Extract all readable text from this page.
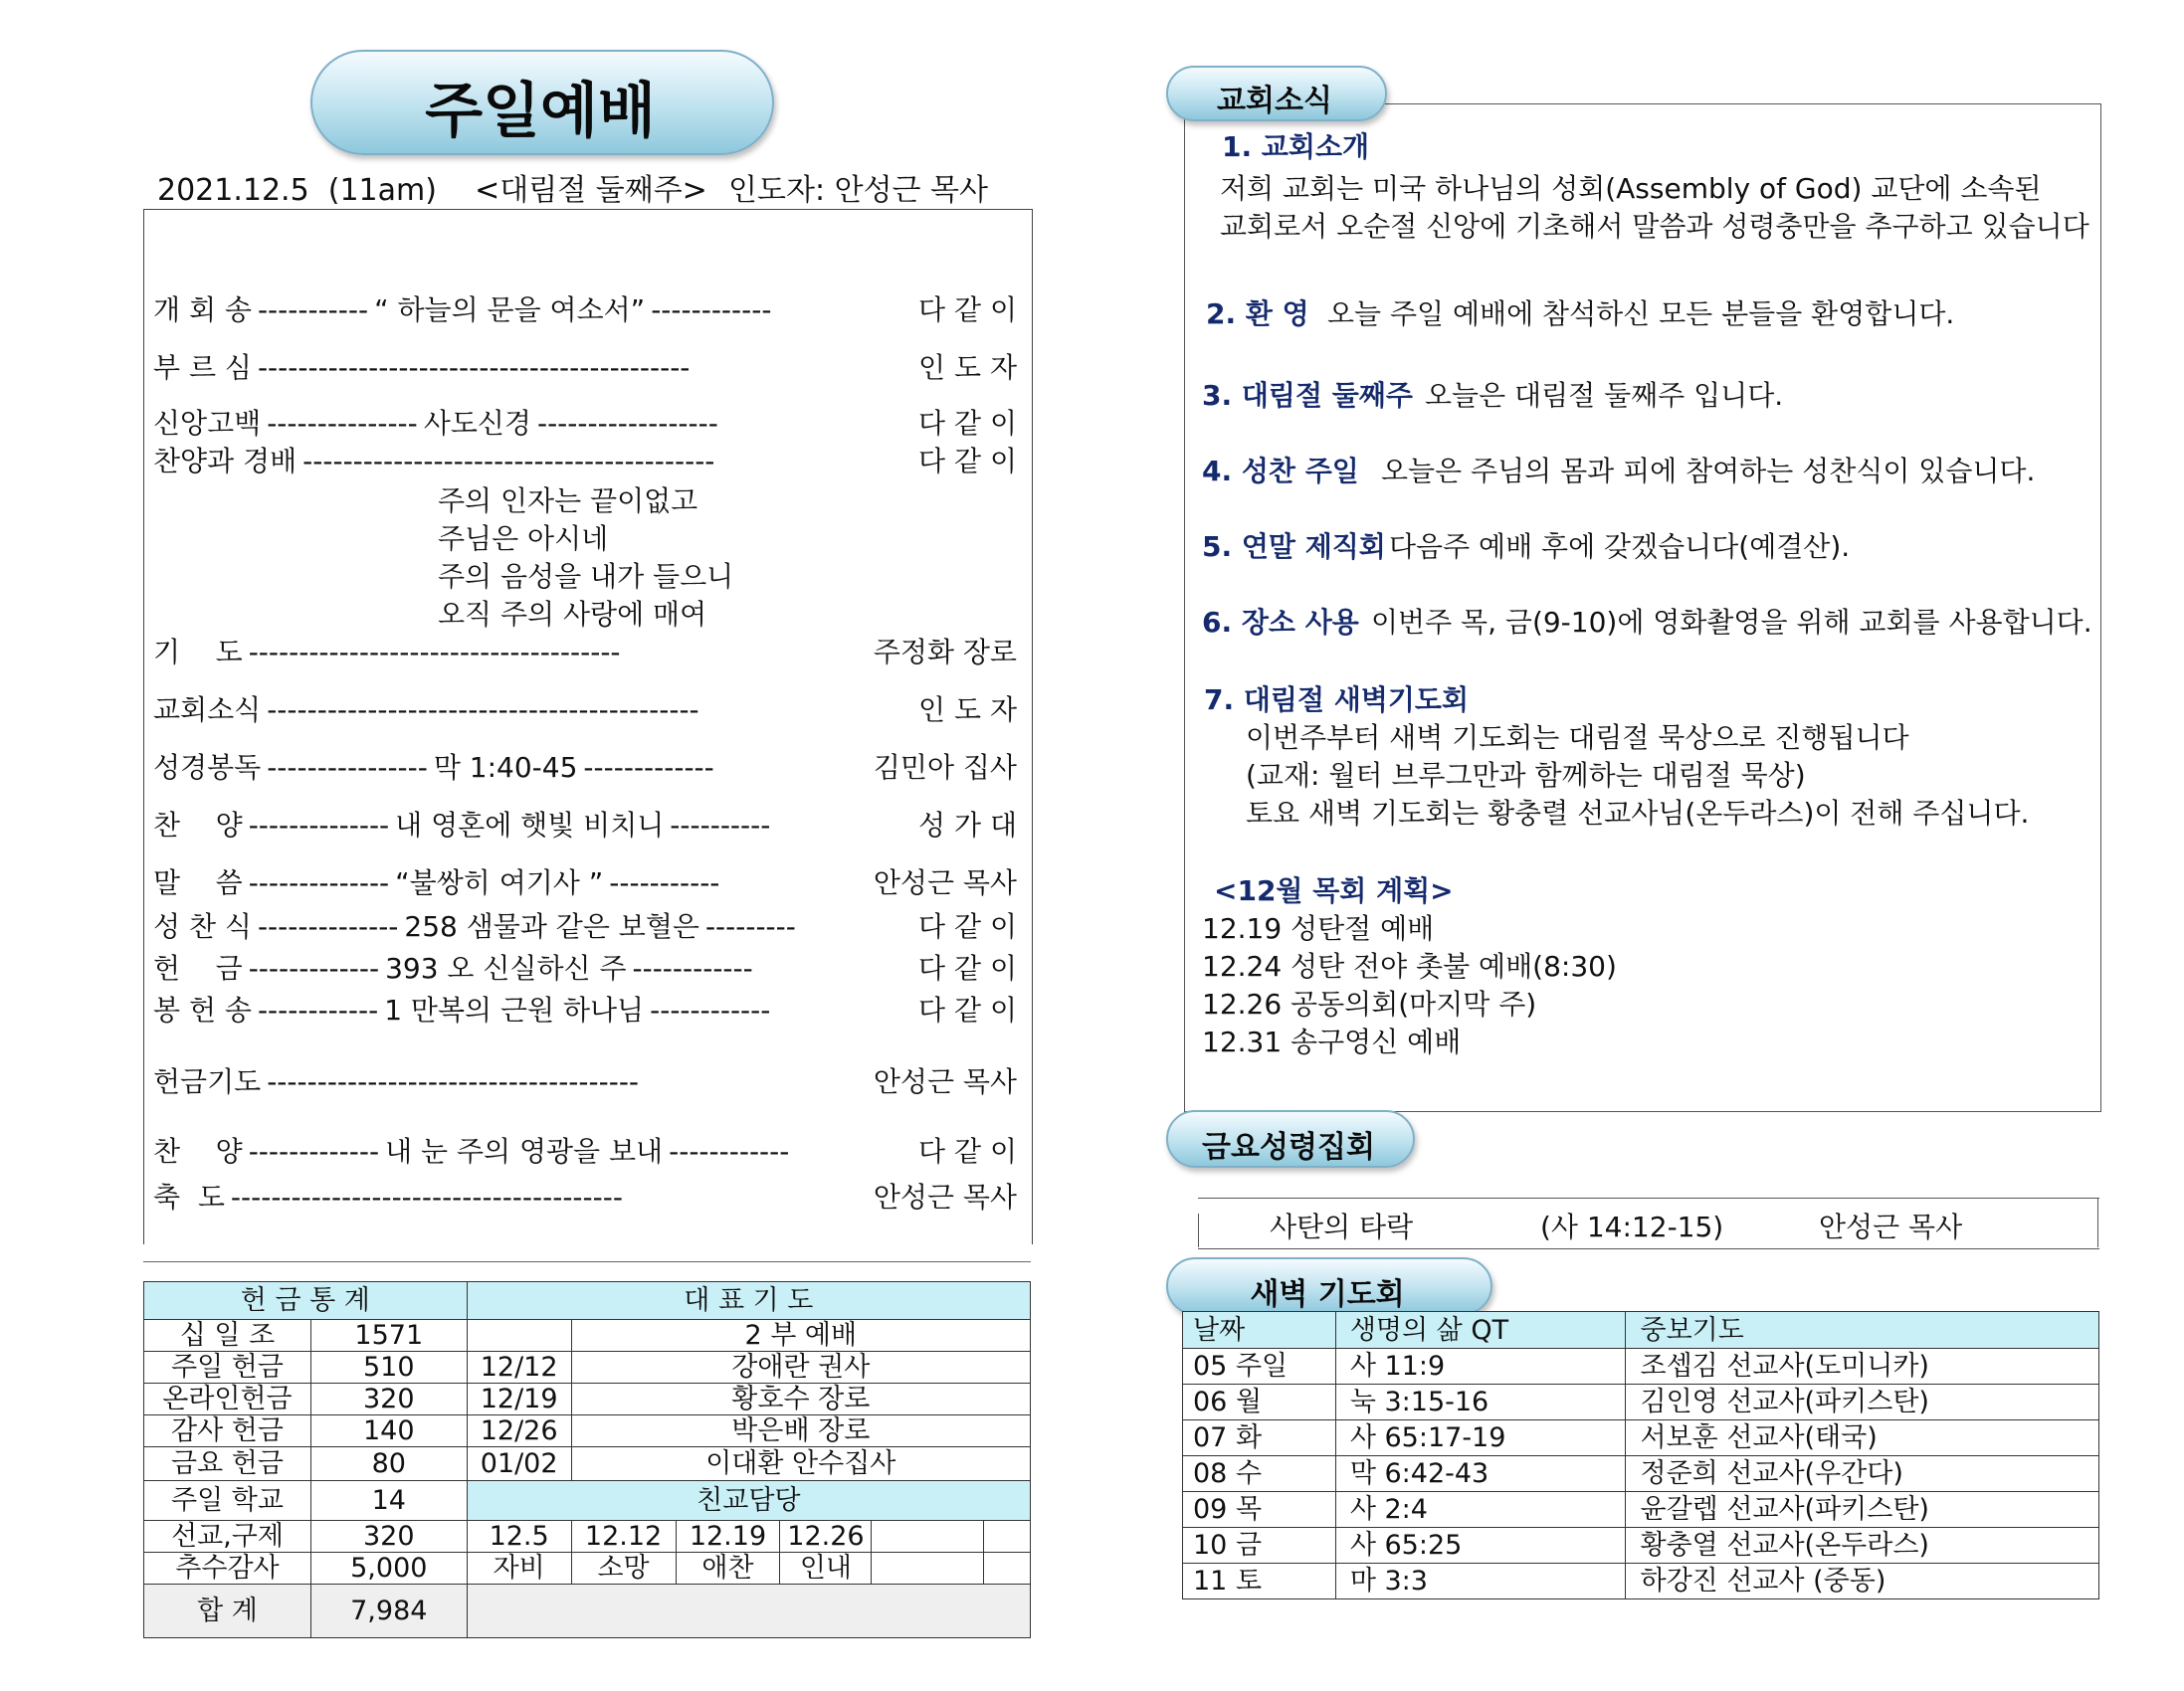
주일예배
2021.12.5 (11am) <대림절 둘째주> 인도자: 안성근 목사
개 회 송 ----------- “ 하늘의 문을 여소서” ------------	다 같 이
부 르 심 -------------------------------------------	인 도 자
신앙고백 --------------- 사도신경 ------------------	다 같 이
찬양과 경배 -----------------------------------------	다 같 이
기    도 -------------------------------------	주정화 장로
교회소식 -------------------------------------------	인 도 자
성경봉독 ---------------- 막 1:40-45 -------------	김민아 집사
찬    양 -------------- 내 영혼에 햇빛 비치니 ----------	성 가 대
말    씀 -------------- “불쌍히 여기사 ” -----------	안성근 목사
성 찬 식 -------------- 258 샘물과 같은 보혈은 ---------	다 같 이
헌    금 ------------- 393 오 신실하신 주 ------------	다 같 이
봉 헌 송 ------------ 1 만복의 근원 하나님 ------------	다 같 이
헌금기도 -------------------------------------	안성근 목사
찬    양 ------------- 내 눈 주의 영광을 보내 ------------	다 같 이
축  도 ---------------------------------------	안성근 목사
주의 인자는 끝이없고
주님은 아시네
주의 음성을 내가 들으니
오직 주의 사랑에 매여
헌 금 통 계		대 표 기 도					
십 일 조	1571		2 부 예배				
주일 헌금	510	12/12	강애란 권사				
온라인헌금	320	12/19	황호수 장로				
감사 헌금	140	12/26	박은배 장로				
금요 헌금	80	01/02	이대환 안수집사				
주일 학교	14	친교담당					
선교,구제	320	12.5	12.12	12.19	12.26		
추수감사	5,000	자비	소망	애찬	인내		
합 계	7,984						
교회소식
1. 교회소개
저희 교회는 미국 하나님의 성회(Assembly of God) 교단에 소속된
교회로서 오순절 신앙에 기초해서 말씀과 성령충만을 추구하고 있습니다
2. 환 영 오늘 주일 예배에 참석하신 모든 분들을 환영합니다.
3. 대림절 둘째주 오늘은 대림절 둘째주 입니다.
4. 성찬 주일 오늘은 주님의 몸과 피에 참여하는 성찬식이 있습니다.
5. 연말 제직회 다음주 예배 후에 갖겠습니다(예결산).
6. 장소 사용 이번주 목, 금(9-10)에 영화촬영을 위해 교회를 사용합니다.
7. 대림절 새벽기도회
이번주부터 새벽 기도회는 대림절 묵상으로 진행됩니다
(교재: 월터 브루그만과 함께하는 대림절 묵상)
토요 새벽 기도회는 황충렬 선교사님(온두라스)이 전해 주십니다.
<12월 목회 계획>
12.19 성탄절 예배
12.24 성탄 전야 촛불 예배(8:30)
12.26 공동의회(마지막 주)
12.31 송구영신 예배
금요성령집회
사탄의 타락	(사 14:12-15)	안성근 목사
새벽 기도회
날짜	생명의 삶 QT	중보기도
05 주일	사 11:9	조셉김 선교사(도미니카)
06 월	눅 3:15-16	김인영 선교사(파키스탄)
07 화	사 65:17-19	서보훈 선교사(태국)
08 수	막 6:42-43	정준희 선교사(우간다)
09 목	사 2:4	윤갈렙 선교사(파키스탄)
10 금	사 65:25	황충열 선교사(온두라스)
11 토	마 3:3	하강진 선교사 (중동)
